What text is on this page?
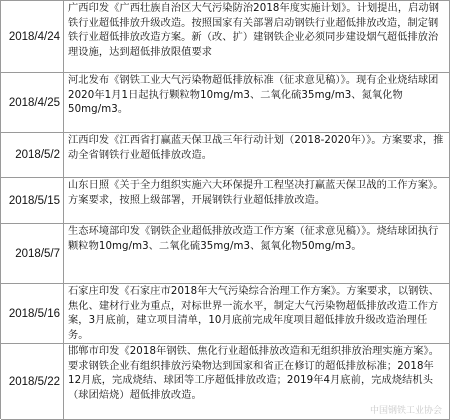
2018/4/24
广西印发《广西壮族自治区大气污染防治2018年度实施计划》。计划提出，启动钢铁行业超低排放升级改造。按照国家有关部署启动钢铁行业超低排放改造，制定钢铁行业超低排放改造方案。新（改、扩）建钢铁企业必须同步建设烟气超低排放治理设施，达到超低排放限值要求
2018/4/25
河北发布《钢铁工业大气污染物超低排放标准（征求意见稿）》。现有企业烧结球团2020年1月1日起执行颗粒物10mg/m3、二氧化硫35mg/m3、氮氧化物50mg/m3。
2018/5/2
江西印发《江西省打赢蓝天保卫战三年行动计划（2018-2020年）》。方案要求，推动全省钢铁行业超低排放改造。
2018/5/15
山东日照《关于全力组织实施六大环保提升工程坚决打赢蓝天保卫战的工作方案》。方案要求，按照上级部署，开展钢铁行业超低排放改造。
2018/5/7
生态环境部印发《钢铁企业超低排放改造工作方案（征求意见稿）》。烧结球团执行颗粒物10mg/m3、二氧化硫35mg/m3、氮氧化物50mg/m3。
2018/5/16
石家庄印发《石家庄市2018年大气污染综合治理工作方案》。方案要求，以钢铁、焦化、建材行业为重点，对标世界一流水平，制定大气污染物超低排放改造工作方案，3月底前，建立项目清单，10月底前完成年度项目超低排放升级改造治理任务。
2018/5/22
邯郸市印发《2018年钢铁、焦化行业超低排放改造和无组织排放治理实施方案》。要求钢铁企业有组织排放污染物达到国家和省正在修订的超低排放标准；2018年12月底，完成烧结、球团等工序超低排放改造；2019年4月底前，完成烧结机头（球团焙烧）超低排放改造。
中国钢铁工业协会
